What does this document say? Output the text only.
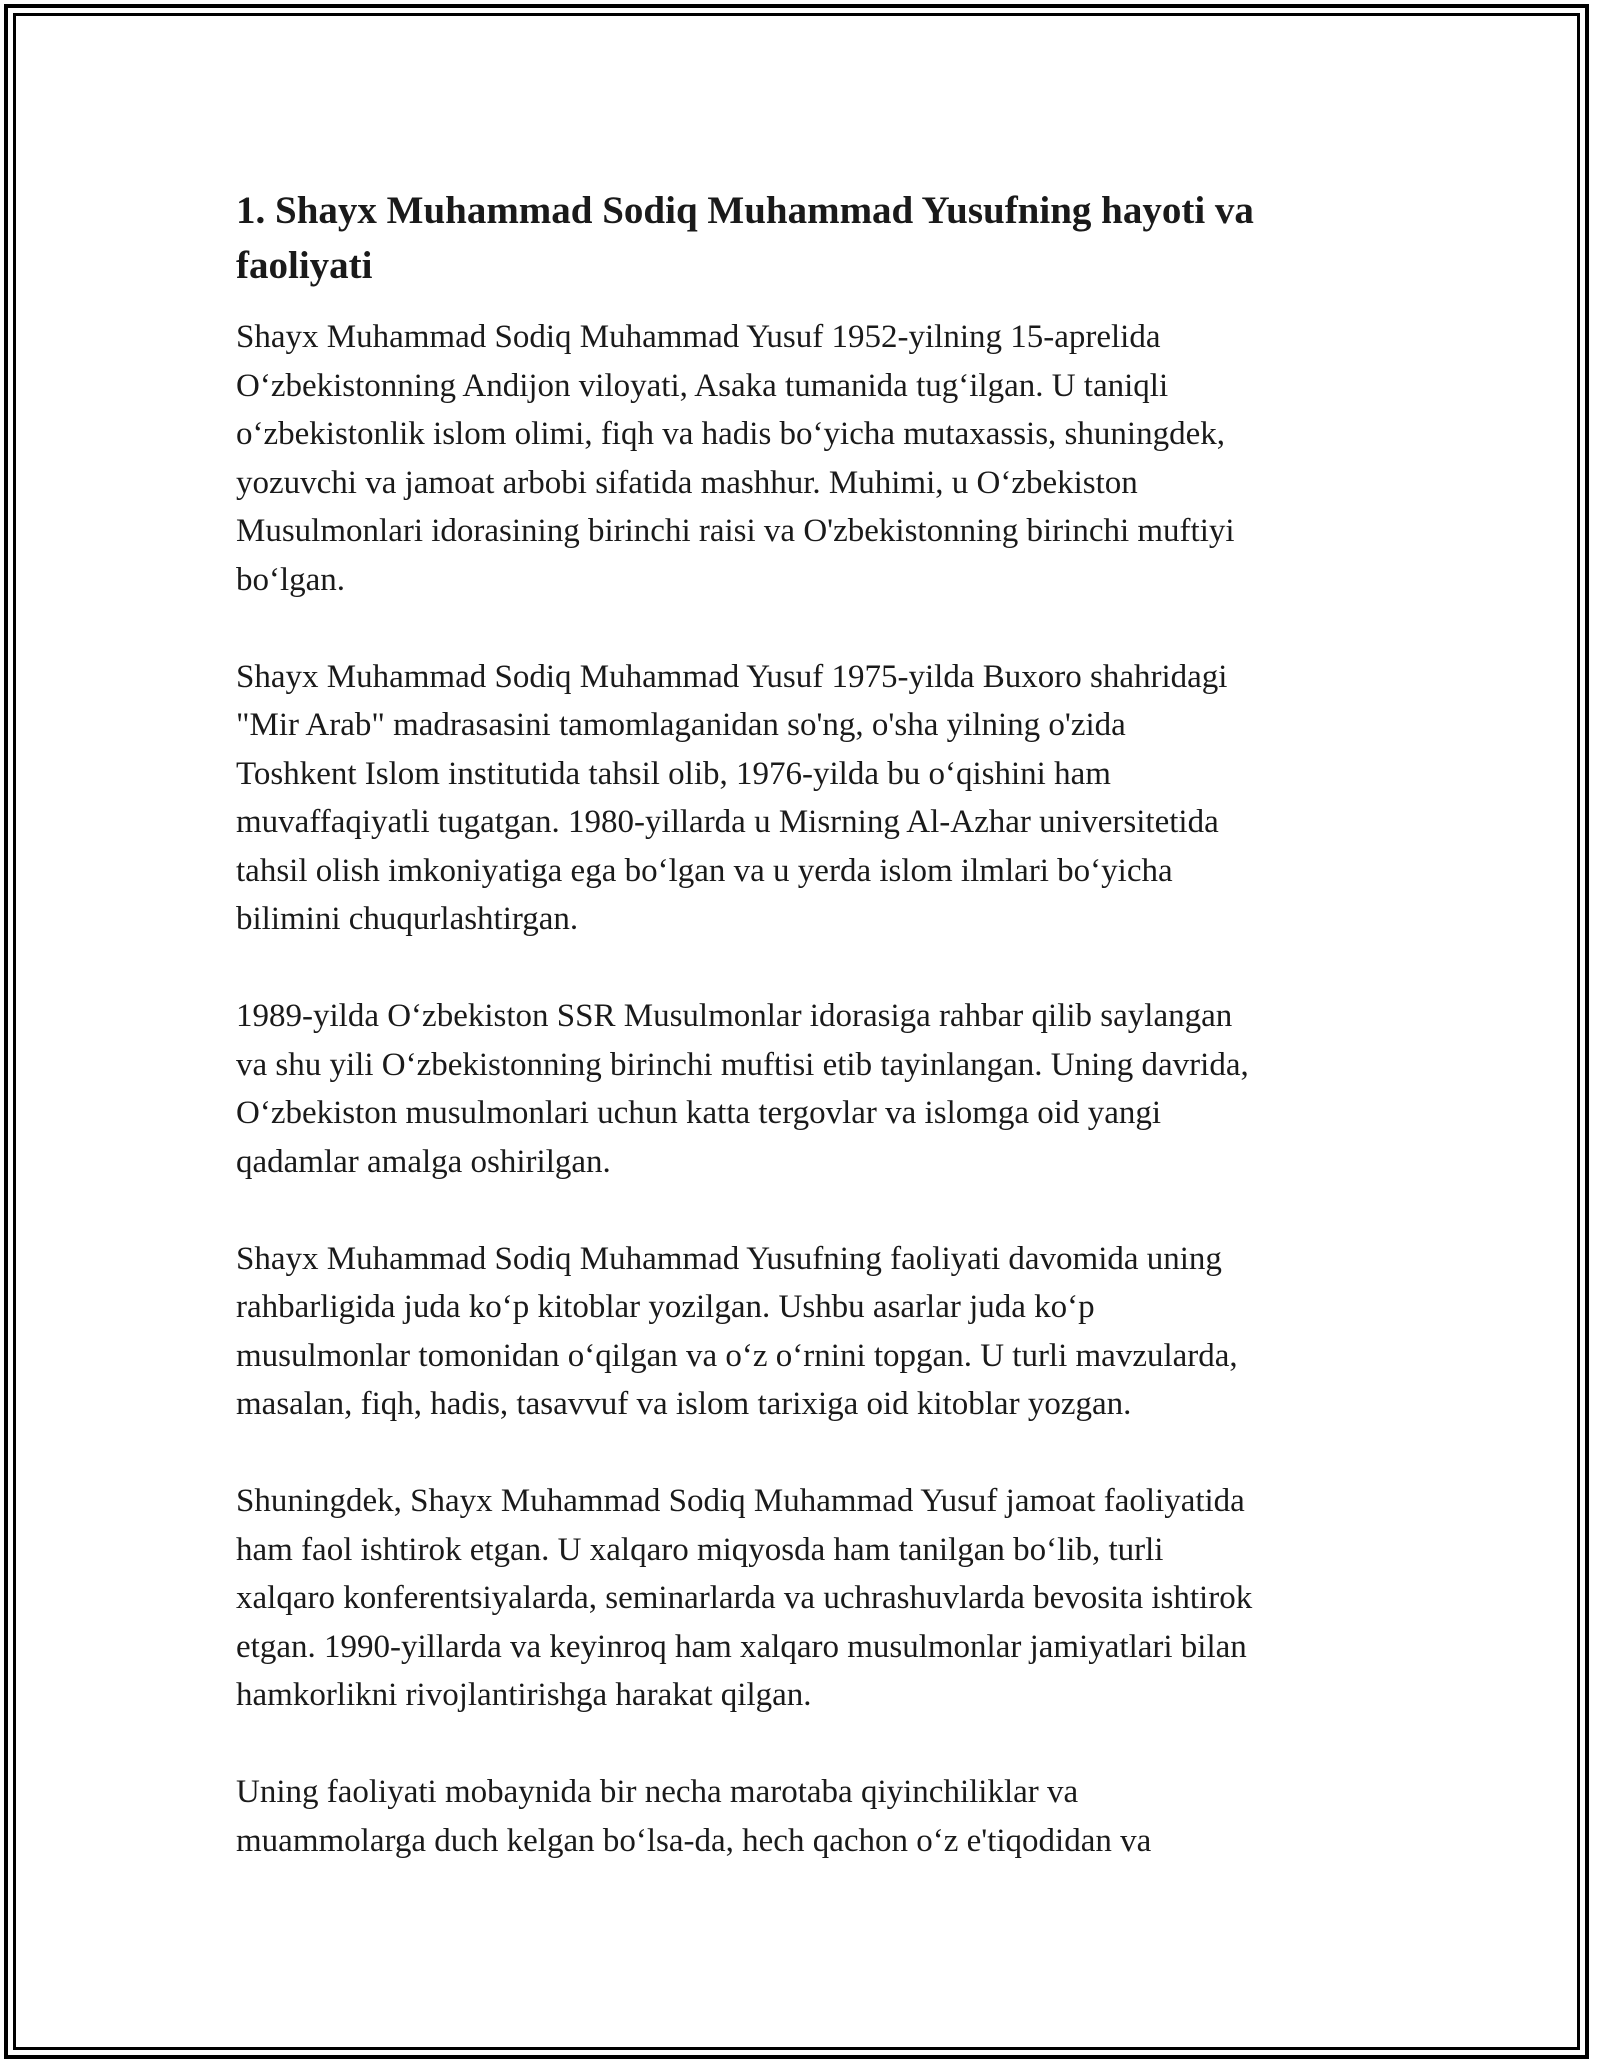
1. Shayx Muhammad Sodiq Muhammad Yusufning hayoti va
faoliyati
Shayx Muhammad Sodiq Muhammad Yusuf 1952-yilning 15-aprelida
O‘zbekistonning Andijon viloyati, Asaka tumanida tug‘ilgan. U taniqli
o‘zbekistonlik islom olimi, fiqh va hadis bo‘yicha mutaxassis, shuningdek,
yozuvchi va jamoat arbobi sifatida mashhur. Muhimi, u O‘zbekiston
Musulmonlari idorasining birinchi raisi va O'zbekistonning birinchi muftiyi
bo‘lgan.
Shayx Muhammad Sodiq Muhammad Yusuf 1975-yilda Buxoro shahridagi
"Mir Arab" madrasasini tamomlaganidan so'ng, o'sha yilning o'zida
Toshkent Islom institutida tahsil olib, 1976-yilda bu o‘qishini ham
muvaffaqiyatli tugatgan. 1980-yillarda u Misrning Al-Azhar universitetida
tahsil olish imkoniyatiga ega bo‘lgan va u yerda islom ilmlari bo‘yicha
bilimini chuqurlashtirgan.
1989-yilda O‘zbekiston SSR Musulmonlar idorasiga rahbar qilib saylangan
va shu yili O‘zbekistonning birinchi muftisi etib tayinlangan. Uning davrida,
O‘zbekiston musulmonlari uchun katta tergovlar va islomga oid yangi
qadamlar amalga oshirilgan.
Shayx Muhammad Sodiq Muhammad Yusufning faoliyati davomida uning
rahbarligida juda ko‘p kitoblar yozilgan. Ushbu asarlar juda ko‘p
musulmonlar tomonidan o‘qilgan va o‘z o‘rnini topgan. U turli mavzularda,
masalan, fiqh, hadis, tasavvuf va islom tarixiga oid kitoblar yozgan.
Shuningdek, Shayx Muhammad Sodiq Muhammad Yusuf jamoat faoliyatida
ham faol ishtirok etgan. U xalqaro miqyosda ham tanilgan bo‘lib, turli
xalqaro konferentsiyalarda, seminarlarda va uchrashuvlarda bevosita ishtirok
etgan. 1990-yillarda va keyinroq ham xalqaro musulmonlar jamiyatlari bilan
hamkorlikni rivojlantirishga harakat qilgan.
Uning faoliyati mobaynida bir necha marotaba qiyinchiliklar va
muammolarga duch kelgan bo‘lsa-da, hech qachon o‘z e'tiqodidan va
